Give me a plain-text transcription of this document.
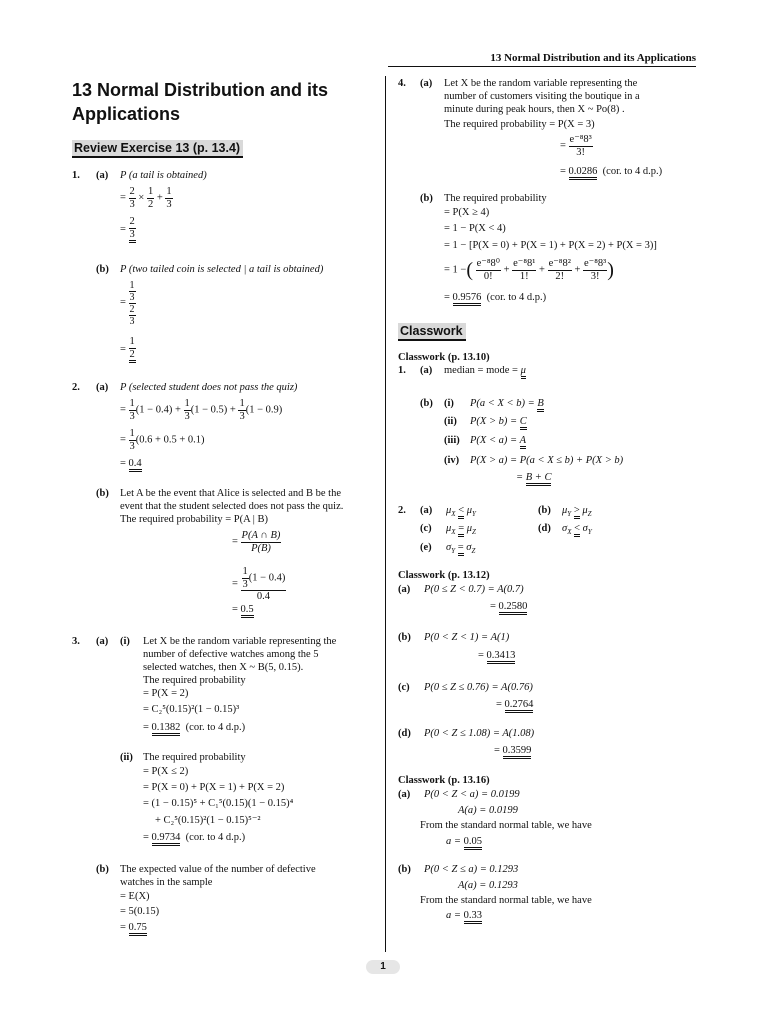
13 Normal Distribution and its Applications
13 Normal Distribution and its Applications
Review Exercise 13 (p. 13.4)
1. (a) P (a tail is obtained)
= $\frac{2}{3} \times \frac{1}{2} + \frac{1}{3}$
= $\frac{2}{3}$
(b) P (two tailed coin is selected | a tail is obtained)
=
1
3
2
3
= $\frac{1}{2}$
2. (a) P (selected student does not pass the quiz)
= $\frac{1}{3} (1 - 0.4) + \frac{1}{3} (1 - 0.5) + \frac{1}{3} (1 - 0.9)$
= $\frac{1}{3} (0.6 + 0.5 + 0.1)$
= 0.4
(b) Let A be the event that Alice is selected and B be the
event that the student selected does not pass the quiz.
The required probability = P(A | B)
= $\frac{P(A \cap B)}{P(B)}$
= $\frac{\frac{1}{3} (1 - 0.4)}{0.4}$
= 0.5
3. (a) (i) Let X be the random variable representing the
number of defective watches among the 5
selected watches, then X ~ B(5, 0.15).
The required probability
= P(X = 2)
= C₂⁵(0.15)²(1 − 0.15)³
= 0.1382 (cor. to 4 d.p.)
(ii) The required probability
= P(X ≤ 2)
= P(X = 0) + P(X = 1) + P(X = 2)
= (1 − 0.15)⁵ + C₁⁵(0.15)(1 − 0.15)⁴
+ C₂⁵(0.15)²(1 − 0.15)⁵⁻²
= 0.9734 (cor. to 4 d.p.)
(b) The expected value of the number of defective
watches in the sample
= E(X)
= 5(0.15)
= 0.75
4. (a) Let X be the random variable representing the
number of customers visiting the boutique in a
minute during peak hours, then X ~ Po(8) .
The required probability = P(X = 3)
= $\frac{\text{e⁻⁸8³}}{3!}$
= 0.0286 (cor. to 4 d.p.)
(b) The required probability
= P(X ≥ 4)
= 1 − P(X < 4)
= 1 − [P(X = 0) + P(X = 1) + P(X = 2) + P(X = 3)]
= 1 −( $\frac{\text{e⁻⁸8⁰}}{0!} + \frac{\text{e⁻⁸8¹}}{1!} + \frac{\text{e⁻⁸8²}}{2!} + \frac{\text{e⁻⁸8³}}{3!}$ )
= 0.9576 (cor. to 4 d.p.)
Classwork
Classwork (p. 13.10)
1. (a) median = mode = μ
(b) (i) P(a < X < b) = B
(ii) P(X > b) = C
(iii) P(X < a) = A
(iv) P(X > a) = P(a < X ≤ b) + P(X > b)
= B + C
2. (a) $\mu_X < \mu_Y$	(b) $\mu_Y > \mu_Z$
(c) $\mu_X = \mu_Z$	(d) $\sigma_X < \sigma_Y$
(e) $\sigma_Y = \sigma_Z$
Classwork (p. 13.12)
(a) P(0 ≤ Z < 0.7) = A(0.7)
= 0.2580
(b) P(0 < Z < 1) = A(1)
= 0.3413
(c) P(0 ≤ Z ≤ 0.76) = A(0.76)
= 0.2764
(d) P(0 < Z ≤ 1.08) = A(1.08)
= 0.3599
Classwork (p. 13.16)
(a) P(0 < Z < a) = 0.0199
A(a) = 0.0199
From the standard normal table, we have
a = 0.05
(b) P(0 < Z ≤ a) = 0.1293
A(a) = 0.1293
From the standard normal table, we have
a = 0.33
1
